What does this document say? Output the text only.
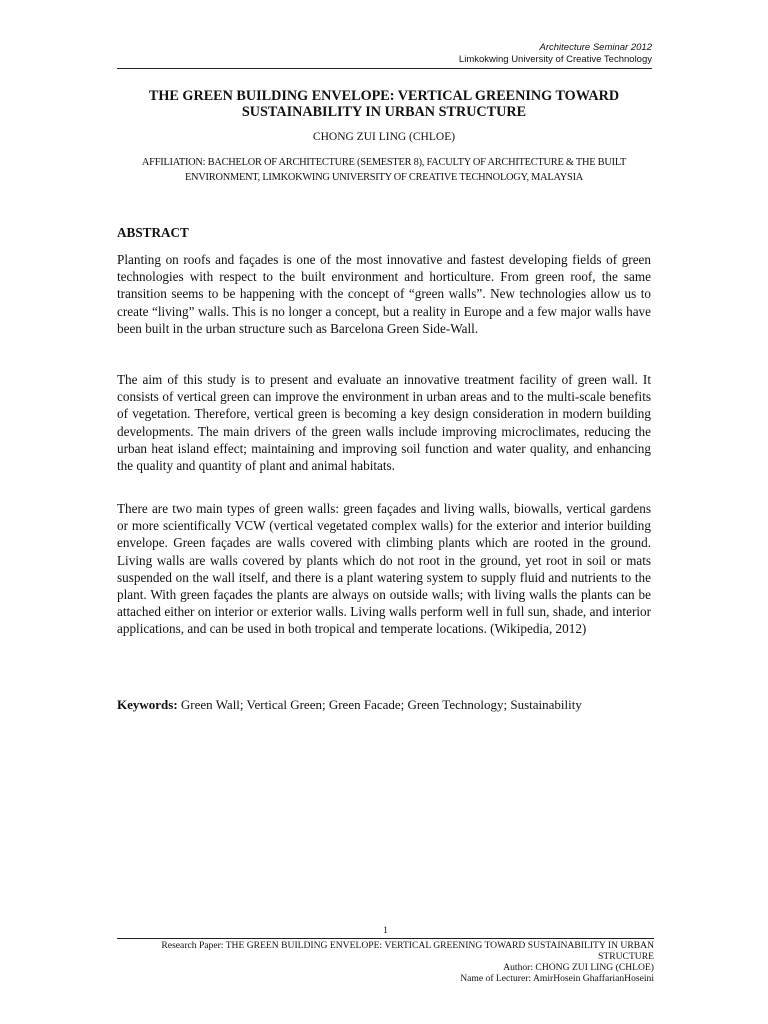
Architecture Seminar 2012
Limkokwing University of Creative Technology
THE GREEN BUILDING ENVELOPE: VERTICAL GREENING TOWARD SUSTAINABILITY IN URBAN STRUCTURE
CHONG ZUI LING (CHLOE)
AFFILIATION: BACHELOR OF ARCHITECTURE (SEMESTER 8), FACULTY OF ARCHITECTURE & THE BUILT ENVIRONMENT, LIMKOKWING UNIVERSITY OF CREATIVE TECHNOLOGY, MALAYSIA
ABSTRACT

Planting on roofs and façades is one of the most innovative and fastest developing fields of green technologies with respect to the built environment and horticulture. From green roof, the same transition seems to be happening with the concept of “green walls”. New technologies allow us to create “living” walls. This is no longer a concept, but a reality in Europe and a few major walls have been built in the urban structure such as Barcelona Green Side-Wall.

The aim of this study is to present and evaluate an innovative treatment facility of green wall. It consists of vertical green can improve the environment in urban areas and to the multi-scale benefits of vegetation. Therefore, vertical green is becoming a key design consideration in modern building developments. The main drivers of the green walls include improving microclimates, reducing the urban heat island effect; maintaining and improving soil function and water quality, and enhancing the quality and quantity of plant and animal habitats.

There are two main types of green walls: green façades and living walls, biowalls, vertical gardens or more scientifically VCW (vertical vegetated complex walls) for the exterior and interior building envelope. Green façades are walls covered with climbing plants which are rooted in the ground. Living walls are walls covered by plants which do not root in the ground, yet root in soil or mats suspended on the wall itself, and there is a plant watering system to supply fluid and nutrients to the plant. With green façades the plants are always on outside walls; with living walls the plants can be attached either on interior or exterior walls. Living walls perform well in full sun, shade, and interior applications, and can be used in both tropical and temperate locations. (Wikipedia, 2012)

Keywords: Green Wall; Vertical Green; Green Facade; Green Technology; Sustainability
1
Research Paper: THE GREEN BUILDING ENVELOPE: VERTICAL GREENING TOWARD SUSTAINABILITY IN URBAN STRUCTURE
Author: CHONG ZUI LING (CHLOE)
Name of Lecturer: AmirHosein GhaffarianHoseini
